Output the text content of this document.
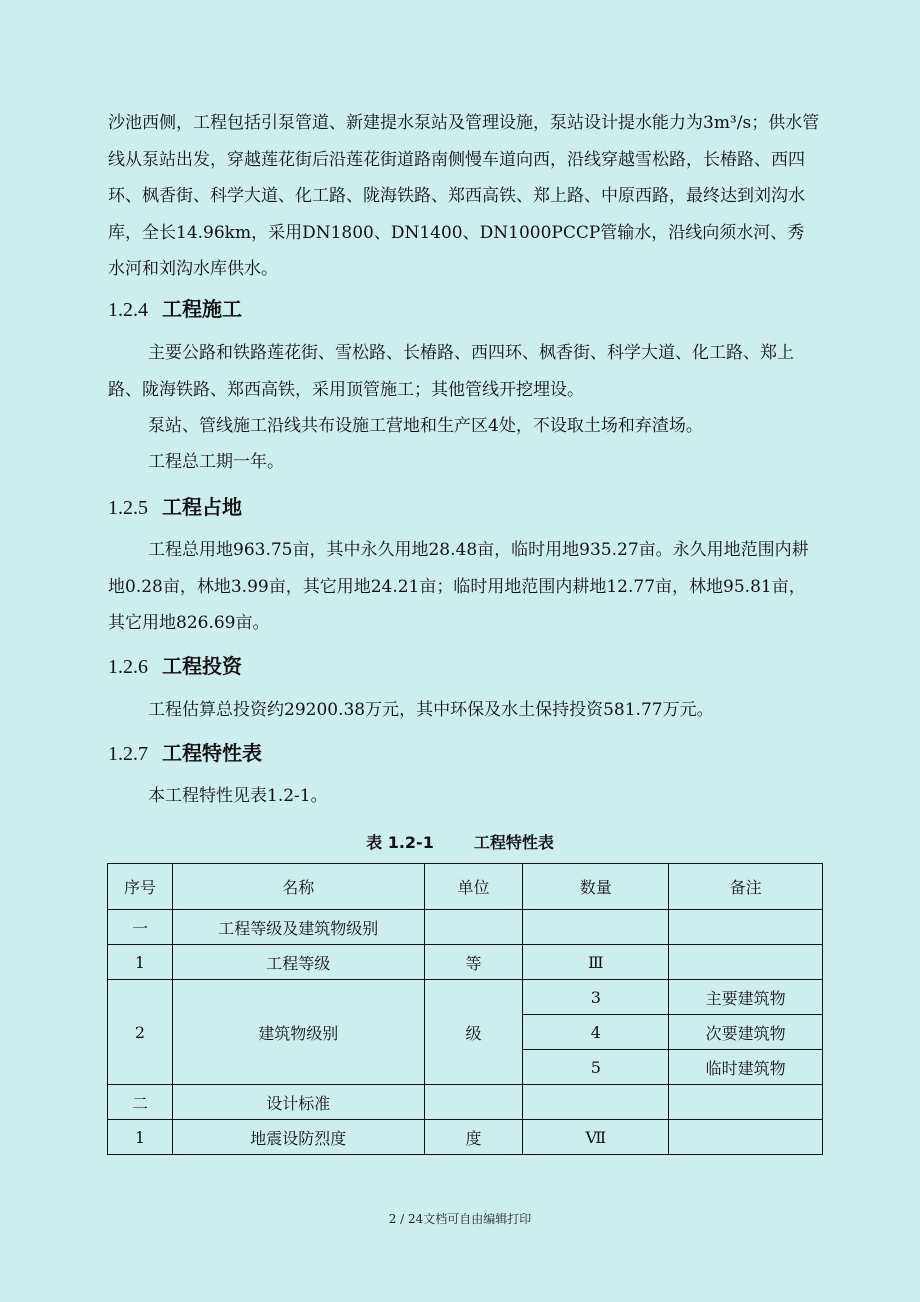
沙池西侧，工程包括引泵管道、新建提水泵站及管理设施，泵站设计提水能力为3m³/s；供水管线从泵站出发，穿越莲花街后沿莲花街道路南侧慢车道向西，沿线穿越雪松路，长椿路、西四环、枫香街、科学大道、化工路、陇海铁路、郑西高铁、郑上路、中原西路，最终达到刘沟水库，全长14.96km，采用DN1800、DN1400、DN1000PCCP管输水，沿线向须水河、秀水河和刘沟水库供水。

1.2.4 工程施工

主要公路和铁路莲花街、雪松路、长椿路、西四环、枫香街、科学大道、化工路、郑上路、陇海铁路、郑西高铁，采用顶管施工；其他管线开挖埋设。

泵站、管线施工沿线共布设施工营地和生产区4处，不设取土场和弃渣场。

工程总工期一年。

1.2.5 工程占地

工程总用地963.75亩，其中永久用地28.48亩，临时用地935.27亩。永久用地范围内耕地0.28亩，林地3.99亩，其它用地24.21亩；临时用地范围内耕地12.77亩，林地95.81亩，其它用地826.69亩。

1.2.6 工程投资

工程估算总投资约29200.38万元，其中环保及水土保持投资581.77万元。

1.2.7 工程特性表

本工程特性见表1.2-1。

表 1.2-1	工程特性表

序号	名称	单位	数量	备注
一	工程等级及建筑物级别			
1	工程等级	等	Ⅲ	
2	建筑物级别	级	3	主要建筑物
			4	次要建筑物
			5	临时建筑物
二	设计标准			
1	地震设防烈度	度	Ⅶ	

2 / 24文档可自由编辑打印
